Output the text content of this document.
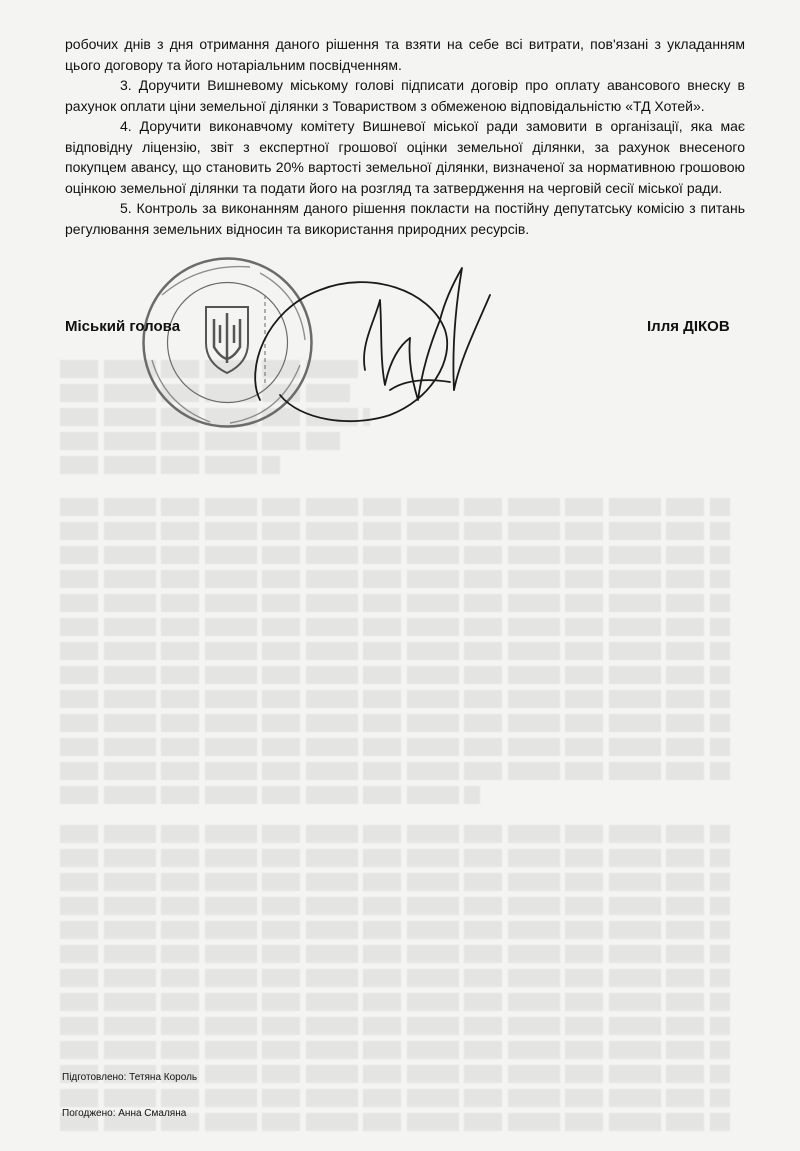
робочих днів з дня отримання даного рішення та взяти на себе всі витрати, пов'язані з укладанням цього договору та його нотаріальним посвідченням.

3. Доручити Вишневому міському голові підписати договір про оплату авансового внеску в рахунок оплати ціни земельної ділянки з Товариством з обмеженою відповідальністю «ТД Хотей».

4. Доручити виконавчому комітету Вишневої міської ради замовити в організації, яка має відповідну ліцензію, звіт з експертної грошової оцінки земельної ділянки, за рахунок внесеного покупцем авансу, що становить 20% вартості земельної ділянки, визначеної за нормативною грошовою оцінкою земельної ділянки та подати його на розгляд та затвердження на черговій сесії міської ради.

5. Контроль за виконанням даного рішення покласти на постійну депутатську комісію з питань регулювання земельних відносин та використання природних ресурсів.

Міський голова	Ілля ДІКОВ
Підготовлено: Тетяна Король
Погоджено: Анна Смаляна
